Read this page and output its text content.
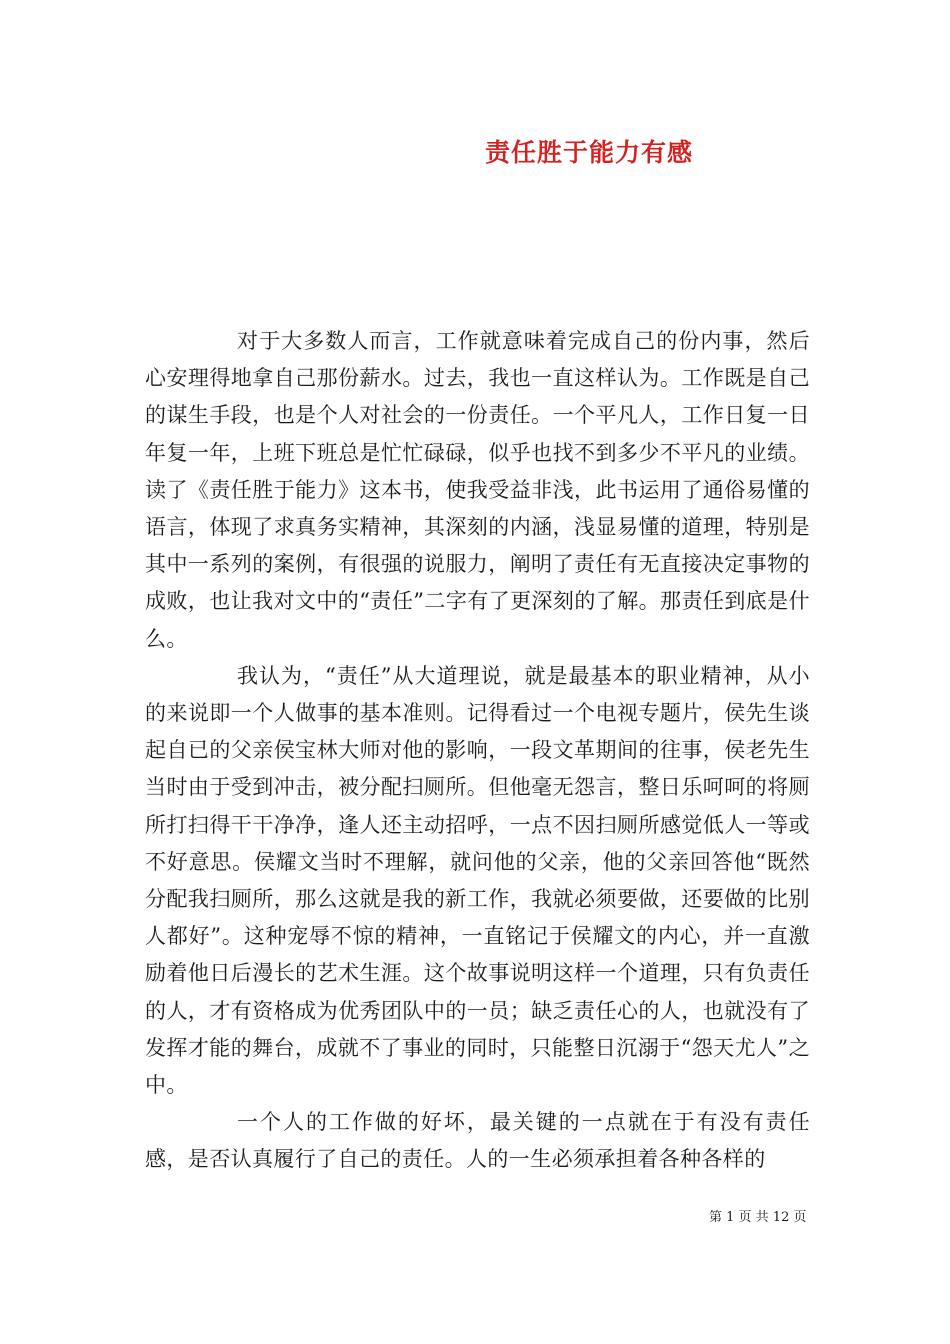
责任胜于能力有感

对于大多数人而言，工作就意味着完成自己的份内事，然后心安理得地拿自己那份薪水。过去，我也一直这样认为。工作既是自己的谋生手段，也是个人对社会的一份责任。一个平凡人，工作日复一日年复一年，上班下班总是忙忙碌碌，似乎也找不到多少不平凡的业绩。读了《责任胜于能力》这本书，使我受益非浅，此书运用了通俗易懂的语言，体现了求真务实精神，其深刻的内涵，浅显易懂的道理，特别是其中一系列的案例，有很强的说服力，阐明了责任有无直接决定事物的成败，也让我对文中的“责任”二字有了更深刻的了解。那责任到底是什么。

我认为，“责任”从大道理说，就是最基本的职业精神，从小的来说即一个人做事的基本准则。记得看过一个电视专题片，侯先生谈起自已的父亲侯宝林大师对他的影响，一段文革期间的往事，侯老先生当时由于受到冲击，被分配扫厕所。但他毫无怨言，整日乐呵呵的将厕所打扫得干干净净，逢人还主动招呼，一点不因扫厕所感觉低人一等或不好意思。侯耀文当时不理解，就问他的父亲，他的父亲回答他“既然分配我扫厕所，那么这就是我的新工作，我就必须要做，还要做的比别人都好”。这种宠辱不惊的精神，一直铭记于侯耀文的内心，并一直激励着他日后漫长的艺术生涯。这个故事说明这样一个道理，只有负责任的人，才有资格成为优秀团队中的一员；缺乏责任心的人，也就没有了发挥才能的舞台，成就不了事业的同时，只能整日沉溺于“怨天尤人”之中。

一个人的工作做的好坏，最关键的一点就在于有没有责任感，是否认真履行了自己的责任。人的一生必须承担着各种各样的

第 1 页 共 12 页
